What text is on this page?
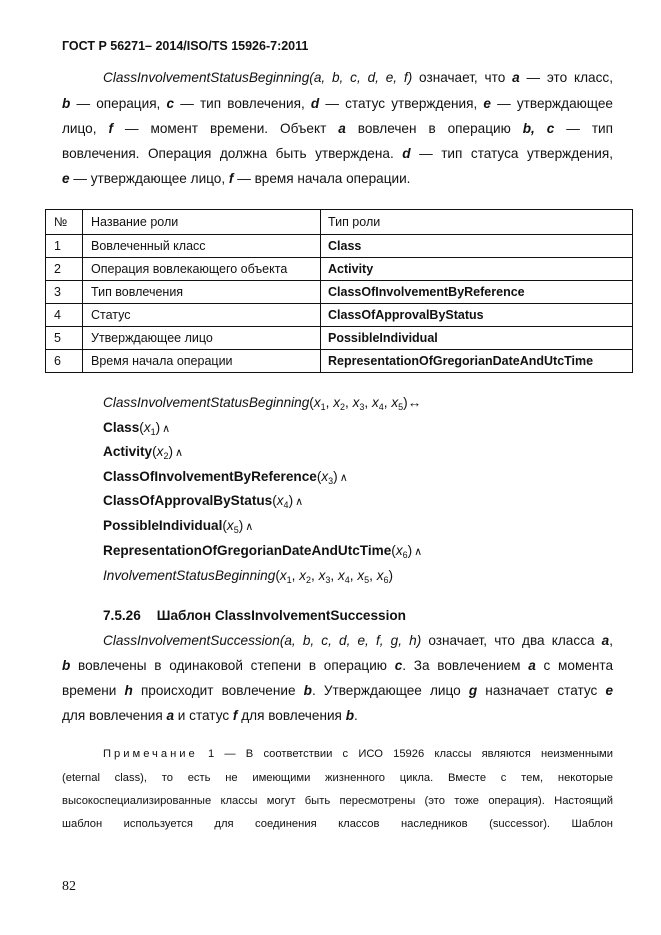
ГОСТ Р 56271– 2014/ISO/TS 15926-7:2011
ClassInvolvementStatusBeginning(a, b, c, d, e, f) означает, что a — это класс,
b — операция, c — тип вовлечения, d — статус утверждения, e — утверждающее
лицо, f — момент времени. Объект a вовлечен в операцию b, c — тип
вовлечения. Операция должна быть утверждена. d — тип статуса утверждения,
e — утверждающее лицо, f — время начала операции.
№	Название роли	Тип роли
1	Вовлеченный класс	Class
2	Операция вовлекающего объекта	Activity
3	Тип вовлечения	ClassOfInvolvementByReference
4	Статус	ClassOfApprovalByStatus
5	Утверждающее лицо	PossibleIndividual
6	Время начала операции	RepresentationOfGregorianDateAndUtcTime
$ClassInvolvementStatusBeginning(x_1$, $x_2$, $x_3$, $x_4$, $x_5)\leftrightarrow$
$Class(x_1)$ ∧
$Activity(x_2)$ ∧
$ClassOfInvolvementByReference(x_3)$ ∧
$ClassOfApprovalByStatus(x_4)$ ∧
$PossibleIndividual(x_5)$ ∧
$RepresentationOfGregorianDateAndUtcTime(x_6)$ ∧
$InvolvementStatusBeginning(x_1$, $x_2$, $x_3$, $x_4$, $x_5$, $x_6$)
7.5.26 Шаблон ClassInvolvementSuccession
ClassInvolvementSuccession(a, b, c, d, e, f, g, h) означает, что два класса a,
b вовлечены в одинаковой степени в операцию c. За вовлечением a с момента
времени h происходит вовлечение b. Утверждающее лицо g назначает статус e
для вовлечения a и статус f для вовлечения b.
Примечание 1 — В соответствии с ИСО 15926 классы являются неизменными
(eternal class), то есть не имеющими жизненного цикла. Вместе с тем, некоторые
высокоспециализированные классы могут быть пересмотрены (это тоже операция). Настоящий
шаблон используется для соединения классов наследников (successor). Шаблон
82
